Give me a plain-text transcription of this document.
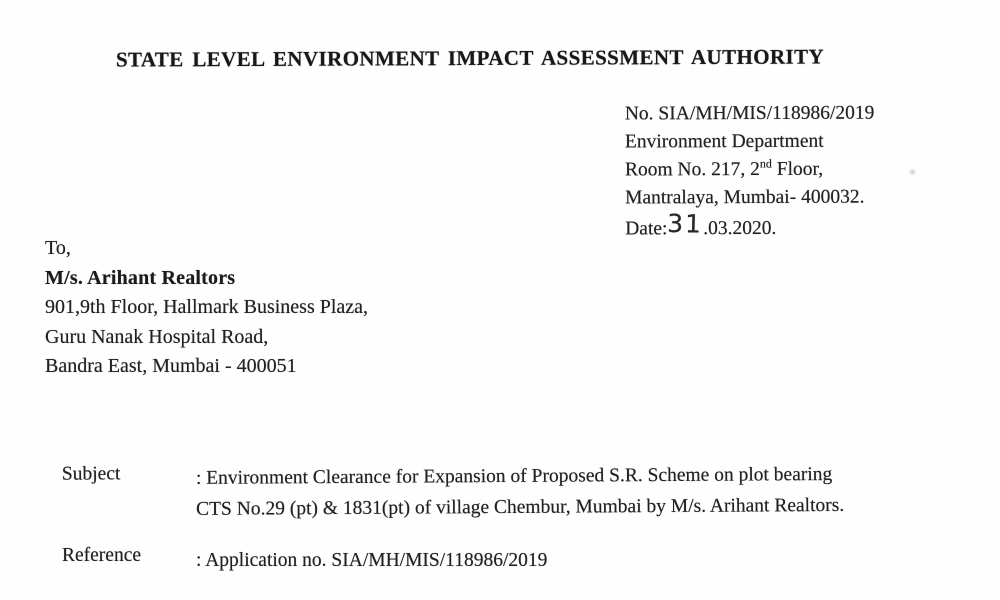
STATE LEVEL ENVIRONMENT IMPACT ASSESSMENT AUTHORITY
No. SIA/MH/MIS/118986/2019
Environment Department
Room No. 217, 2nd Floor,
Mantralaya, Mumbai- 400032.
Date:31.03.2020.
To,
M/s. Arihant Realtors
901,9th Floor, Hallmark Business Plaza,
Guru Nanak Hospital Road,
Bandra East, Mumbai - 400051
Subject	: Environment Clearance for Expansion of Proposed S.R. Scheme on plot bearing
CTS No.29 (pt) & 1831(pt) of village Chembur, Mumbai by M/s. Arihant Realtors.
Reference	: Application no. SIA/MH/MIS/118986/2019
